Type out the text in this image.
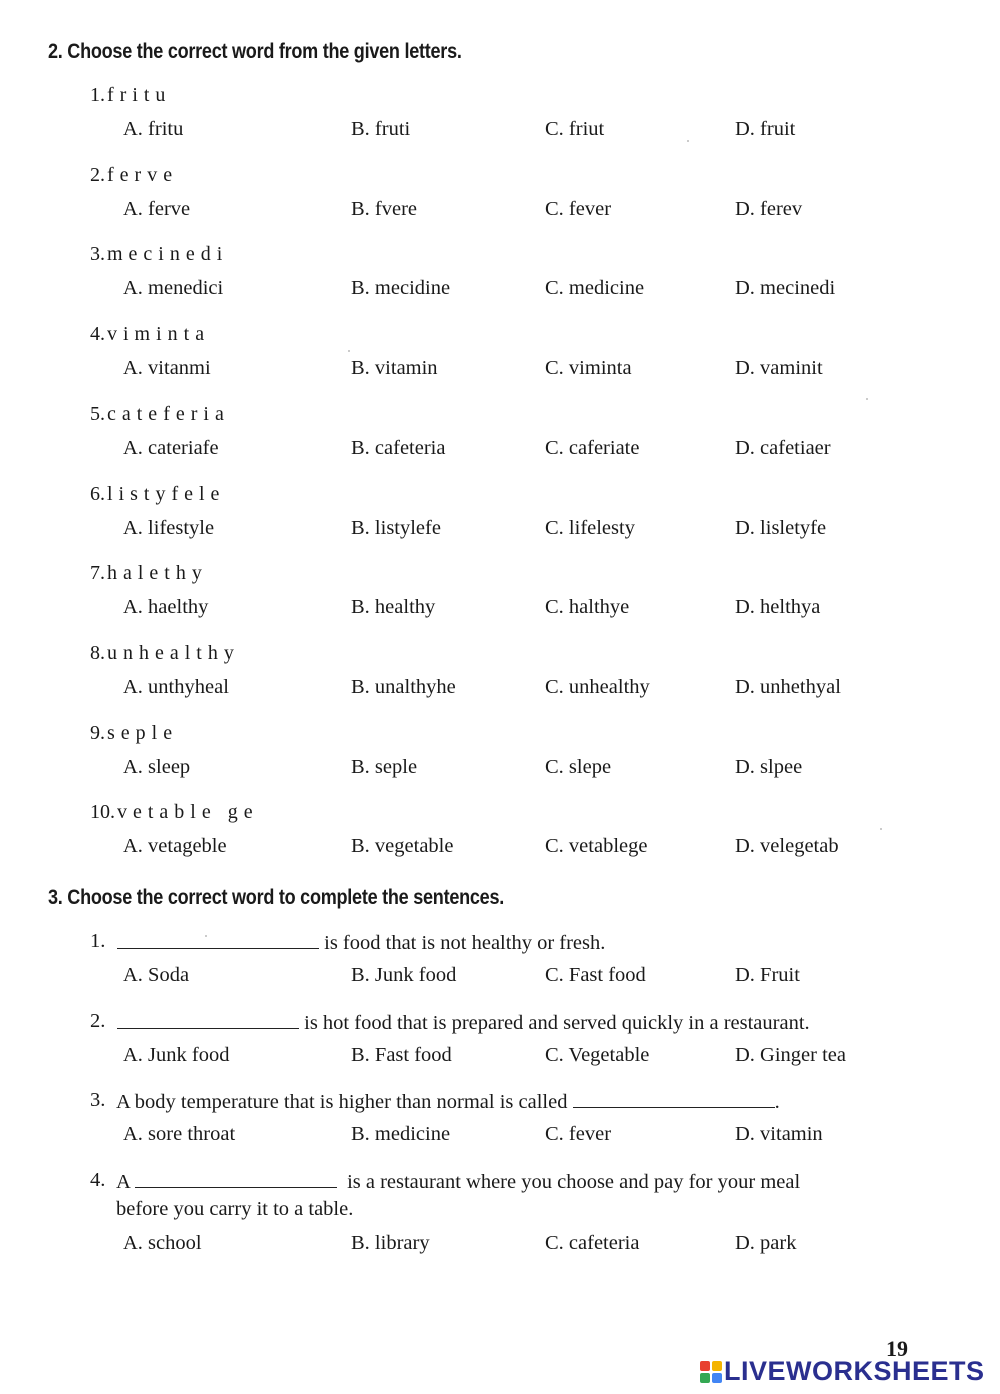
2. Choose the correct word from the given letters.
1. fritu
A. fritu	B. fruti	C. friut	D. fruit
2. ferve
A. ferve	B. fvere	C. fever	D. ferev
3. mecinedi
A. menedici	B. mecidine	C. medicine	D. mecinedi
4. viminta
A. vitanmi	B. vitamin	C. viminta	D. vaminit
5. cateferia
A. cateriafe	B. cafeteria	C. caferiate	D. cafetiaer
6. listyfele
A. lifestyle	B. listylefe	C. lifelesty	D. lisletyfe
7. halethy
A. haelthy	B. healthy	C. halthye	D. helthya
8. unhealthy
A. unthyheal	B. unalthyhe	C. unhealthy	D. unhethyal
9. seple
A. sleep	B. seple	C. slepe	D. slpee
10. vetable ge
A. vetageble	B. vegetable	C. vetablege	D. velegetab
3. Choose the correct word to complete the sentences.
1.	is food that is not healthy or fresh.
A. Soda	B. Junk food	C. Fast food	D. Fruit
2.	is hot food that is prepared and served quickly in a restaurant.
A. Junk food	B. Fast food	C. Vegetable	D. Ginger tea
3. A body temperature that is higher than normal is called	.
A. sore throat	B. medicine	C. fever	D. vitamin
4. A	is a restaurant where you choose and pay for your meal
before you carry it to a table.
A. school	B. library	C. cafeteria	D. park
19
LIVEWORKSHEETS
